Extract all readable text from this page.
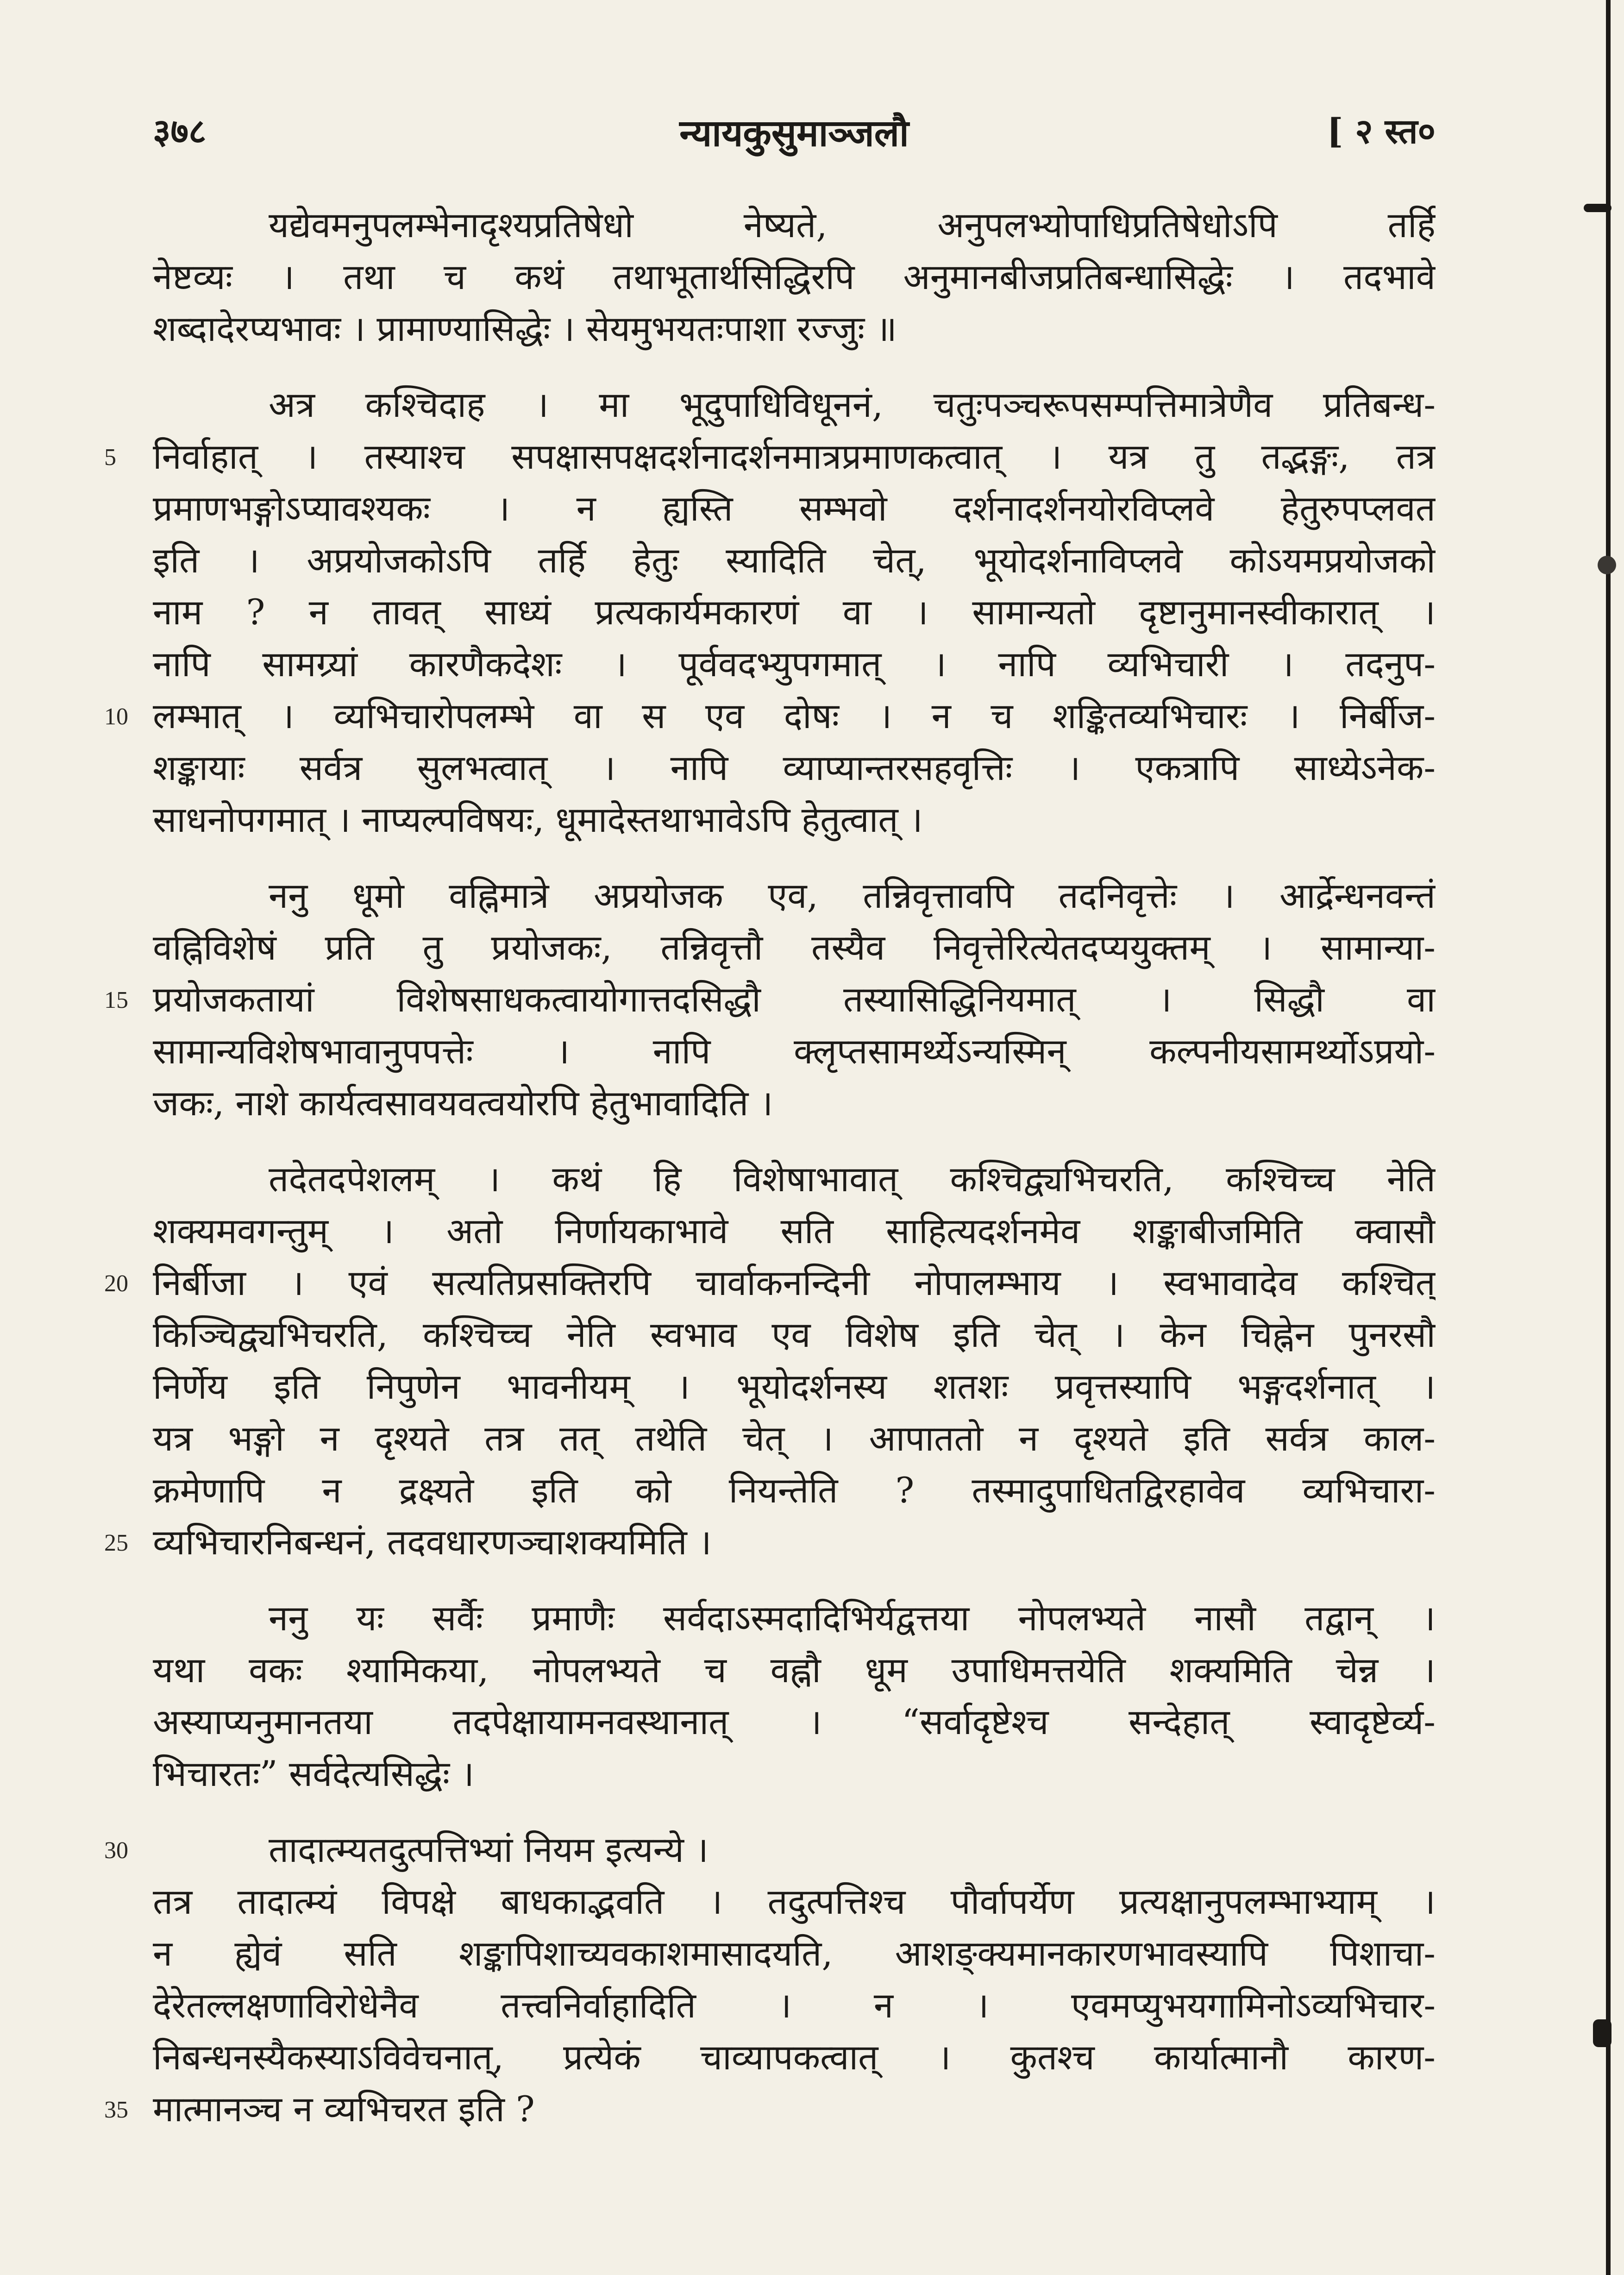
३७८	न्यायकुसुमाञ्जलौ	[ २ स्त०
यद्येवमनुपलम्भेनादृश्यप्रतिषेधो नेष्यते, अनुपलभ्योपाधिप्रतिषेधोऽपि तर्हि
नेष्टव्यः । तथा च कथं तथाभूतार्थसिद्धिरपि अनुमानबीजप्रतिबन्धासिद्धेः । तदभावे
शब्दादेरप्यभावः । प्रामाण्यासिद्धेः । सेयमुभयतःपाशा रज्जुः ॥
अत्र कश्चिदाह । मा भूदुपाधिविधूननं, चतुःपञ्चरूपसम्पत्तिमात्रेणैव प्रतिबन्ध-
निर्वाहात् । तस्याश्च सपक्षासपक्षदर्शनादर्शनमात्रप्रमाणकत्वात् । यत्र तु तद्भङ्गः, तत्र
प्रमाणभङ्गोऽप्यावश्यकः । न ह्यस्ति सम्भवो दर्शनादर्शनयोरविप्लवे हेतुरुपप्लवत
इति । अप्रयोजकोऽपि तर्हि हेतुः स्यादिति चेत्, भूयोदर्शनाविप्लवे कोऽयमप्रयोजको
नाम ? न तावत् साध्यं प्रत्यकार्यमकारणं वा । सामान्यतो दृष्टानुमानस्वीकारात् ।
नापि सामग्र्यां कारणैकदेशः । पूर्ववदभ्युपगमात् । नापि व्यभिचारी । तदनुप-
लम्भात् । व्यभिचारोपलम्भे वा स एव दोषः । न च शङ्कितव्यभिचारः । निर्बीज-
शङ्कायाः सर्वत्र सुलभत्वात् । नापि व्याप्यान्तरसहवृत्तिः । एकत्रापि साध्येऽनेक-
साधनोपगमात् । नाप्यल्पविषयः, धूमादेस्तथाभावेऽपि हेतुत्वात् ।
ननु धूमो वह्निमात्रे अप्रयोजक एव, तन्निवृत्तावपि तदनिवृत्तेः । आर्द्रेन्धनवन्तं
वह्निविशेषं प्रति तु प्रयोजकः, तन्निवृत्तौ तस्यैव निवृत्तेरित्येतदप्ययुक्तम् । सामान्या-
प्रयोजकतायां विशेषसाधकत्वायोगात्तदसिद्धौ तस्यासिद्धिनियमात् । सिद्धौ वा
सामान्यविशेषभावानुपपत्तेः । नापि क्लृप्तसामर्थ्येऽन्यस्मिन् कल्पनीयसामर्थ्योऽप्रयो-
जकः, नाशे कार्यत्वसावयवत्वयोरपि हेतुभावादिति ।
तदेतदपेशलम् । कथं हि विशेषाभावात् कश्चिद्व्यभिचरति, कश्चिच्च नेति
शक्यमवगन्तुम् । अतो निर्णायकाभावे सति साहित्यदर्शनमेव शङ्काबीजमिति क्वासौ
निर्बीजा । एवं सत्यतिप्रसक्तिरपि चार्वाकनन्दिनी नोपालम्भाय । स्वभावादेव कश्चित्
किञ्चिद्व्यभिचरति, कश्चिच्च नेति स्वभाव एव विशेष इति चेत् । केन चिह्नेन पुनरसौ
निर्णेय इति निपुणेन भावनीयम् । भूयोदर्शनस्य शतशः प्रवृत्तस्यापि भङ्गदर्शनात् ।
यत्र भङ्गो न दृश्यते तत्र तत् तथेति चेत् । आपाततो न दृश्यते इति सर्वत्र काल-
क्रमेणापि न द्रक्ष्यते इति को नियन्तेति ? तस्मादुपाधितद्विरहावेव व्यभिचारा-
व्यभिचारनिबन्धनं, तदवधारणञ्चाशक्यमिति ।
ननु यः सर्वैः प्रमाणैः सर्वदाऽस्मदादिभिर्यद्वत्तया नोपलभ्यते नासौ तद्वान् ।
यथा वकः श्यामिकया, नोपलभ्यते च वह्नौ धूम उपाधिमत्तयेति शक्यमिति चेन्न ।
अस्याप्यनुमानतया तदपेक्षायामनवस्थानात् । “सर्वादृष्टेश्च सन्देहात् स्वादृष्टेर्व्य-
भिचारतः” सर्वदेत्यसिद्धेः ।
तादात्म्यतदुत्पत्तिभ्यां नियम इत्यन्ये ।
तत्र तादात्म्यं विपक्षे बाधकाद्भवति । तदुत्पत्तिश्च पौर्वापर्येण प्रत्यक्षानुपलम्भाभ्याम् ।
न ह्येवं सति शङ्कापिशाच्यवकाशमासादयति, आशङ्क्यमानकारणभावस्यापि पिशाचा-
देरेतल्लक्षणाविरोधेनैव तत्त्वनिर्वाहादिति । न । एवमप्युभयगामिनोऽव्यभिचार-
निबन्धनस्यैकस्याऽविवेचनात्, प्रत्येकं चाव्यापकत्वात् । कुतश्च कार्यात्मानौ कारण-
मात्मानञ्च न व्यभिचरत इति ?
5
10
15
20
25
30
35
